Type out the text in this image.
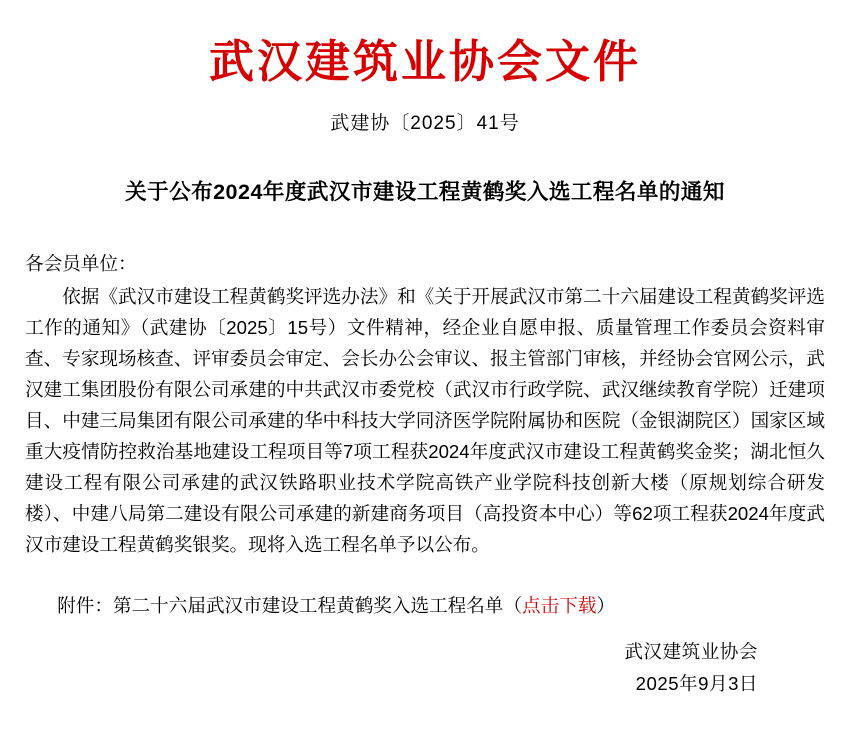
武汉建筑业协会文件
武建协〔2025〕41号
关于公布2024年度武汉市建设工程黄鹤奖入选工程名单的通知
各会员单位：

依据《武汉市建设工程黄鹤奖评选办法》和《关于开展武汉市第二十六届建设工程黄鹤奖评选工作的通知》（武建协〔2025〕15号）文件精神，经企业自愿申报、质量管理工作委员会资料审查、专家现场核查、评审委员会审定、会长办公会审议、报主管部门审核，并经协会官网公示，武汉建工集团股份有限公司承建的中共武汉市委党校（武汉市行政学院、武汉继续教育学院）迁建项目、中建三局集团有限公司承建的华中科技大学同济医学院附属协和医院（金银湖院区）国家区域重大疫情防控救治基地建设工程项目等7项工程获2024年度武汉市建设工程黄鹤奖金奖；湖北恒久建设工程有限公司承建的武汉铁路职业技术学院高铁产业学院科技创新大楼（原规划综合研发楼）、中建八局第二建设有限公司承建的新建商务项目（高投资本中心）等62项工程获2024年度武汉市建设工程黄鹤奖银奖。现将入选工程名单予以公布。

附件：第二十六届武汉市建设工程黄鹤奖入选工程名单（点击下载）
武汉建筑业协会
2025年9月3日
